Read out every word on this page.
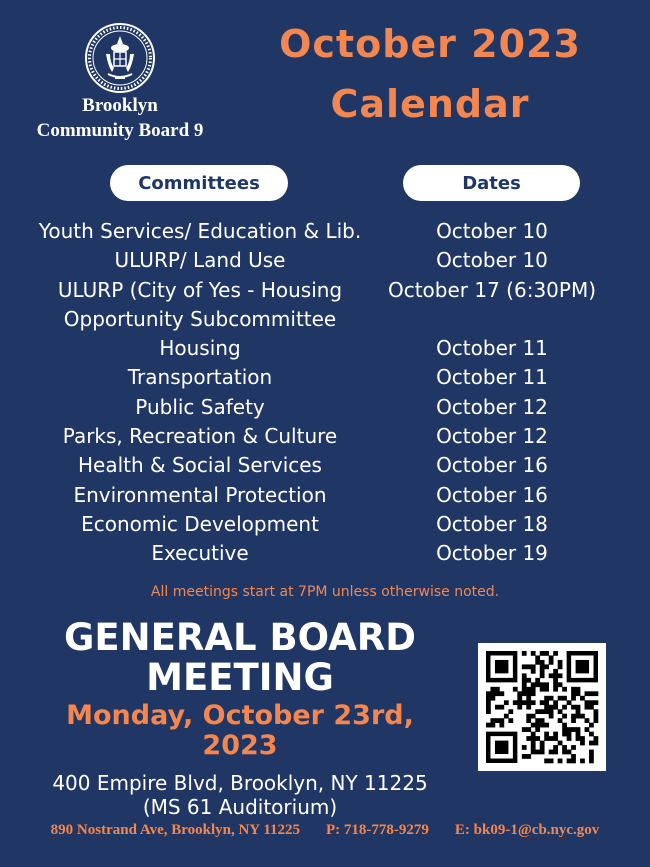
Brooklyn
Community Board 9
October 2023
Calendar
Committees	Dates
Youth Services/ Education & Lib.
ULURP/ Land Use
ULURP (City of Yes - Housing
Opportunity Subcommittee
Housing
Transportation
Public Safety
Parks, Recreation & Culture
Health & Social Services
Environmental Protection
Economic Development
Executive
October 10
October 10
October 17 (6:30PM)
October 11
October 11
October 12
October 12
October 16
October 16
October 18
October 19
All meetings start at 7PM unless otherwise noted.
GENERAL BOARD
MEETING
Monday, October 23rd,
2023
400 Empire Blvd, Brooklyn, NY 11225
(MS 61 Auditorium)
890 Nostrand Ave, Brooklyn, NY 11225 P: 718-778-9279 E: bk09-1@cb.nyc.gov
